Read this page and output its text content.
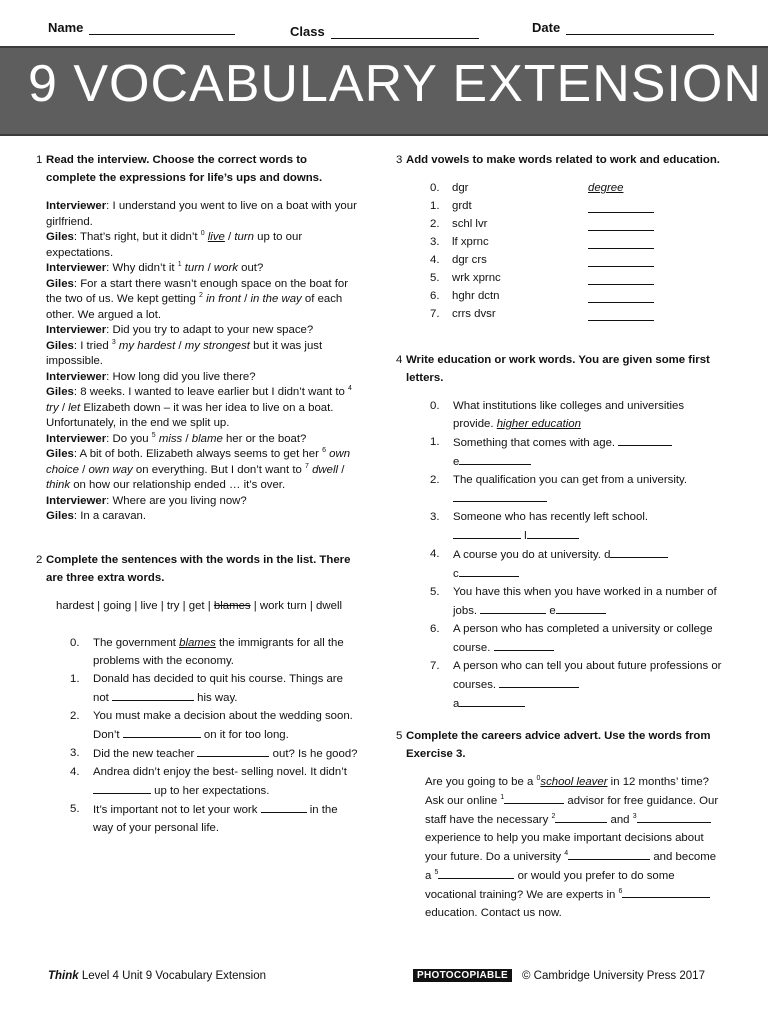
Name	Class	Date
9 VOCABULARY EXTENSION
1 Read the interview. Choose the correct words to complete the expressions for life’s ups and downs.
Interviewer: I understand you went to live on a boat with your girlfriend.
Giles: That’s right, but it didn’t $^0$ live / turn up to our expectations.
Interviewer: Why didn’t it $^1$ turn / work out?
Giles: For a start there wasn’t enough space on the boat for the two of us. We kept getting $^2$ in front / in the way of each other. We argued a lot.
Interviewer: Did you try to adapt to your new space?
Giles: I tried $^3$ my hardest / my strongest but it was just impossible.
Interviewer: How long did you live there?
Giles: 8 weeks. I wanted to leave earlier but I didn’t want to $^4$ try / let Elizabeth down – it was her idea to live on a boat. Unfortunately, in the end we split up.
Interviewer: Do you $^5$ miss / blame her or the boat?
Giles: A bit of both. Elizabeth always seems to get her $^6$ own choice / own way on everything. But I don’t want to $^7$ dwell / think on how our relationship ended … it’s over.
Interviewer: Where are you living now?
Giles: In a caravan.
2 Complete the sentences with the words in the list. There are three extra words.
hardest | going | live | try | get | blames | work turn | dwell
0. The government blames the immigrants for all the problems with the economy.
1. Donald has decided to quit his course. Things are not	his way.
2. You must make a decision about the wedding soon. Don’t	on it for too long.
3. Did the new teacher	out? Is he good?
4. Andrea didn’t enjoy the best- selling novel. It didn’t  up to her expectations.
5. It’s important not to let your work	in the way of your personal life.
3 Add vowels to make words related to work and education.
0. dgr	degree
1. grdt
2. schl lvr
3. lf xprnc
4. dgr crs
5. wrk xprnc
6. hghr dctn
7. crrs dvsr
4 Write education or work words. You are given some first letters.
0. What institutions like colleges and universities provide. higher education
1. Something that comes with age.
e
2. The qualification you can get from a university.

3. Someone who has recently left school.
l
4. A course you do at university. d
c
5. You have this when you have worked in a number of jobs.	e
6. A person who has completed a university or college course.
7. A person who can tell you about future professions or courses.
a
5 Complete the careers advice advert. Use the words from Exercise 3.
Are you going to be a $^0$school leaver in 12 months’ time? Ask our online $^1$	advisor for free guidance. Our staff have the necessary $^2$	and $^3$ experience to help you make important decisions about your future. Do a university $^4$	and become a $^5$	or would you prefer to do some vocational training? We are experts in $^6$ education. Contact us now.
Think Level 4 Unit 9 Vocabulary Extension	PHOTOCOPIABLE	© Cambridge University Press 2017
